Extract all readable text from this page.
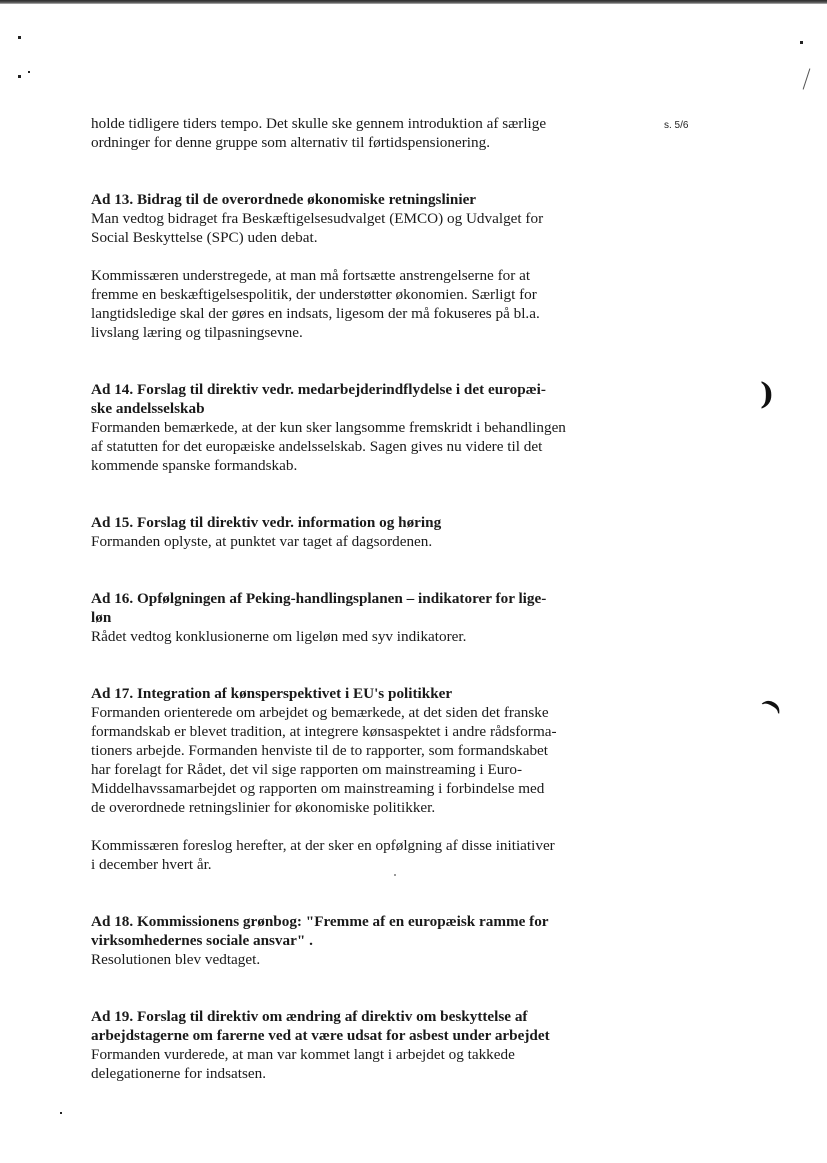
)
)
s. 5/6

holde tidligere tiders tempo. Det skulle ske gennem introduktion af særlige
ordninger for denne gruppe som alternativ til førtidspensionering.

Ad 13. Bidrag til de overordnede økonomiske retningslinier

Man vedtog bidraget fra Beskæftigelsesudvalget (EMCO) og Udvalget for
Social Beskyttelse (SPC) uden debat.

Kommissæren understregede, at man må fortsætte anstrengelserne for at
fremme en beskæftigelsespolitik, der understøtter økonomien. Særligt for
langtidsledige skal der gøres en indsats, ligesom der må fokuseres på bl.a.
livslang læring og tilpasningsevne.

Ad 14. Forslag til direktiv vedr. medarbejderindflydelse i det europæi-
ske andelsselskab

Formanden bemærkede, at der kun sker langsomme fremskridt i behandlingen
af statutten for det europæiske andelsselskab. Sagen gives nu videre til det
kommende spanske formandskab.

Ad 15. Forslag til direktiv vedr. information og høring

Formanden oplyste, at punktet var taget af dagsordenen.

Ad 16. Opfølgningen af Peking-handlingsplanen – indikatorer for lige-
løn

Rådet vedtog konklusionerne om ligeløn med syv indikatorer.

Ad 17. Integration af kønsperspektivet i EU's politikker

Formanden orienterede om arbejdet og bemærkede, at det siden det franske
formandskab er blevet tradition, at integrere kønsaspektet i andre rådsforma-
tioners arbejde. Formanden henviste til de to rapporter, som formandskabet
har forelagt for Rådet, det vil sige rapporten om mainstreaming i Euro-
Middelhavssamarbejdet og rapporten om mainstreaming i forbindelse med
de overordnede retningslinier for økonomiske politikker.

Kommissæren foreslog herefter, at der sker en opfølgning af disse initiativer
i december hvert år.

Ad 18. Kommissionens grønbog: "Fremme af en europæisk ramme for
virksomhedernes sociale ansvar" .

Resolutionen blev vedtaget.

Ad 19. Forslag til direktiv om ændring af direktiv om beskyttelse af
arbejdstagerne om farerne ved at være udsat for asbest under arbejdet

Formanden vurderede, at man var kommet langt i arbejdet og takkede
delegationerne for indsatsen.
